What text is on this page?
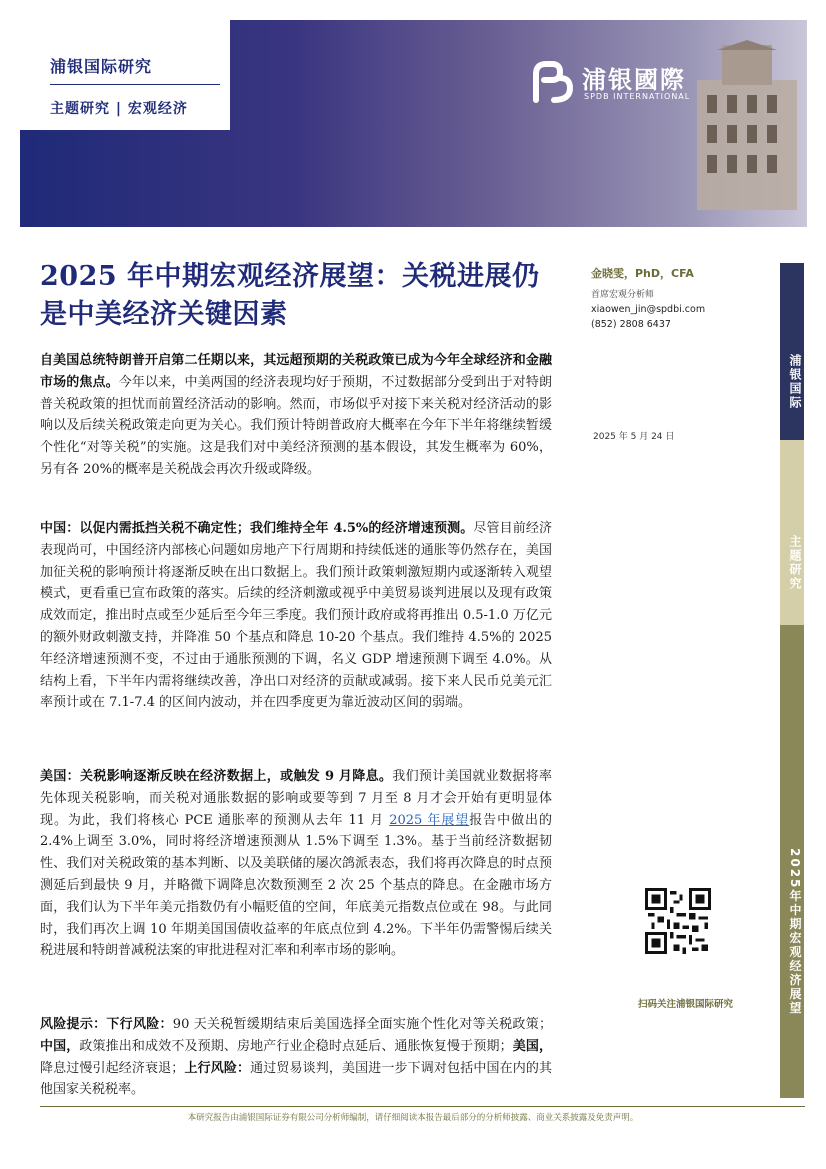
浦银国际研究
主题研究 | 宏观经济
浦银國際
SPDB INTERNATIONAL
2025 年中期宏观经济展望：关税进展仍是中美经济关键因素
自美国总统特朗普开启第二任期以来，其远超预期的关税政策已成为今年全球经济和金融市场的焦点。今年以来，中美两国的经济表现均好于预期，不过数据部分受到出于对特朗普关税政策的担忧而前置经济活动的影响。然而，市场似乎对接下来关税对经济活动的影响以及后续关税政策走向更为关心。我们预计特朗普政府大概率在今年下半年将继续暂缓个性化“对等关税”的实施。这是我们对中美经济预测的基本假设，其发生概率为 60%，另有各 20%的概率是关税战会再次升级或降级。
中国：以促内需抵挡关税不确定性；我们维持全年 4.5%的经济增速预测。尽管目前经济表现尚可，中国经济内部核心问题如房地产下行周期和持续低迷的通胀等仍然存在，美国加征关税的影响预计将逐渐反映在出口数据上。我们预计政策刺激短期内或逐渐转入观望模式，更看重已宣布政策的落实。后续的经济刺激或视乎中美贸易谈判进展以及现有政策成效而定，推出时点或至少延后至今年三季度。我们预计政府或将再推出 0.5-1.0 万亿元的额外财政刺激支持，并降准 50 个基点和降息 10-20 个基点。我们维持 4.5%的 2025 年经济增速预测不变，不过由于通胀预测的下调，名义 GDP 增速预测下调至 4.0%。从结构上看，下半年内需将继续改善，净出口对经济的贡献或减弱。接下来人民币兑美元汇率预计或在 7.1-7.4 的区间内波动，并在四季度更为靠近波动区间的弱端。
美国：关税影响逐渐反映在经济数据上，或触发 9 月降息。我们预计美国就业数据将率先体现关税影响，而关税对通胀数据的影响或要等到 7 月至 8 月才会开始有更明显体现。为此，我们将核心 PCE 通胀率的预测从去年 11 月 2025 年展望报告中做出的 2.4%上调至 3.0%，同时将经济增速预测从 1.5%下调至 1.3%。基于当前经济数据韧性、我们对关税政策的基本判断、以及美联储的屡次鸽派表态，我们将再次降息的时点预测延后到最快 9 月，并略微下调降息次数预测至 2 次 25 个基点的降息。在金融市场方面，我们认为下半年美元指数仍有小幅贬值的空间，年底美元指数点位或在 98。与此同时，我们再次上调 10 年期美国国债收益率的年底点位到 4.2%。下半年仍需警惕后续关税进展和特朗普减税法案的审批进程对汇率和利率市场的影响。
风险提示：下行风险：90 天关税暂缓期结束后美国选择全面实施个性化对等关税政策；中国，政策推出和成效不及预期、房地产行业企稳时点延后、通胀恢复慢于预期；美国，降息过慢引起经济衰退；上行风险：通过贸易谈判，美国进一步下调对包括中国在内的其他国家关税税率。
金晓雯，PhD，CFA
首席宏观分析师
xiaowen_jin@spdbi.com
(852) 2808 6437
2025 年 5 月 24 日
扫码关注浦银国际研究
浦银国际
主题研究
2025年中期宏观经济展望
本研究报告由浦银国际证券有限公司分析师编制，请仔细阅读本报告最后部分的分析师披露、商业关系披露及免责声明。
